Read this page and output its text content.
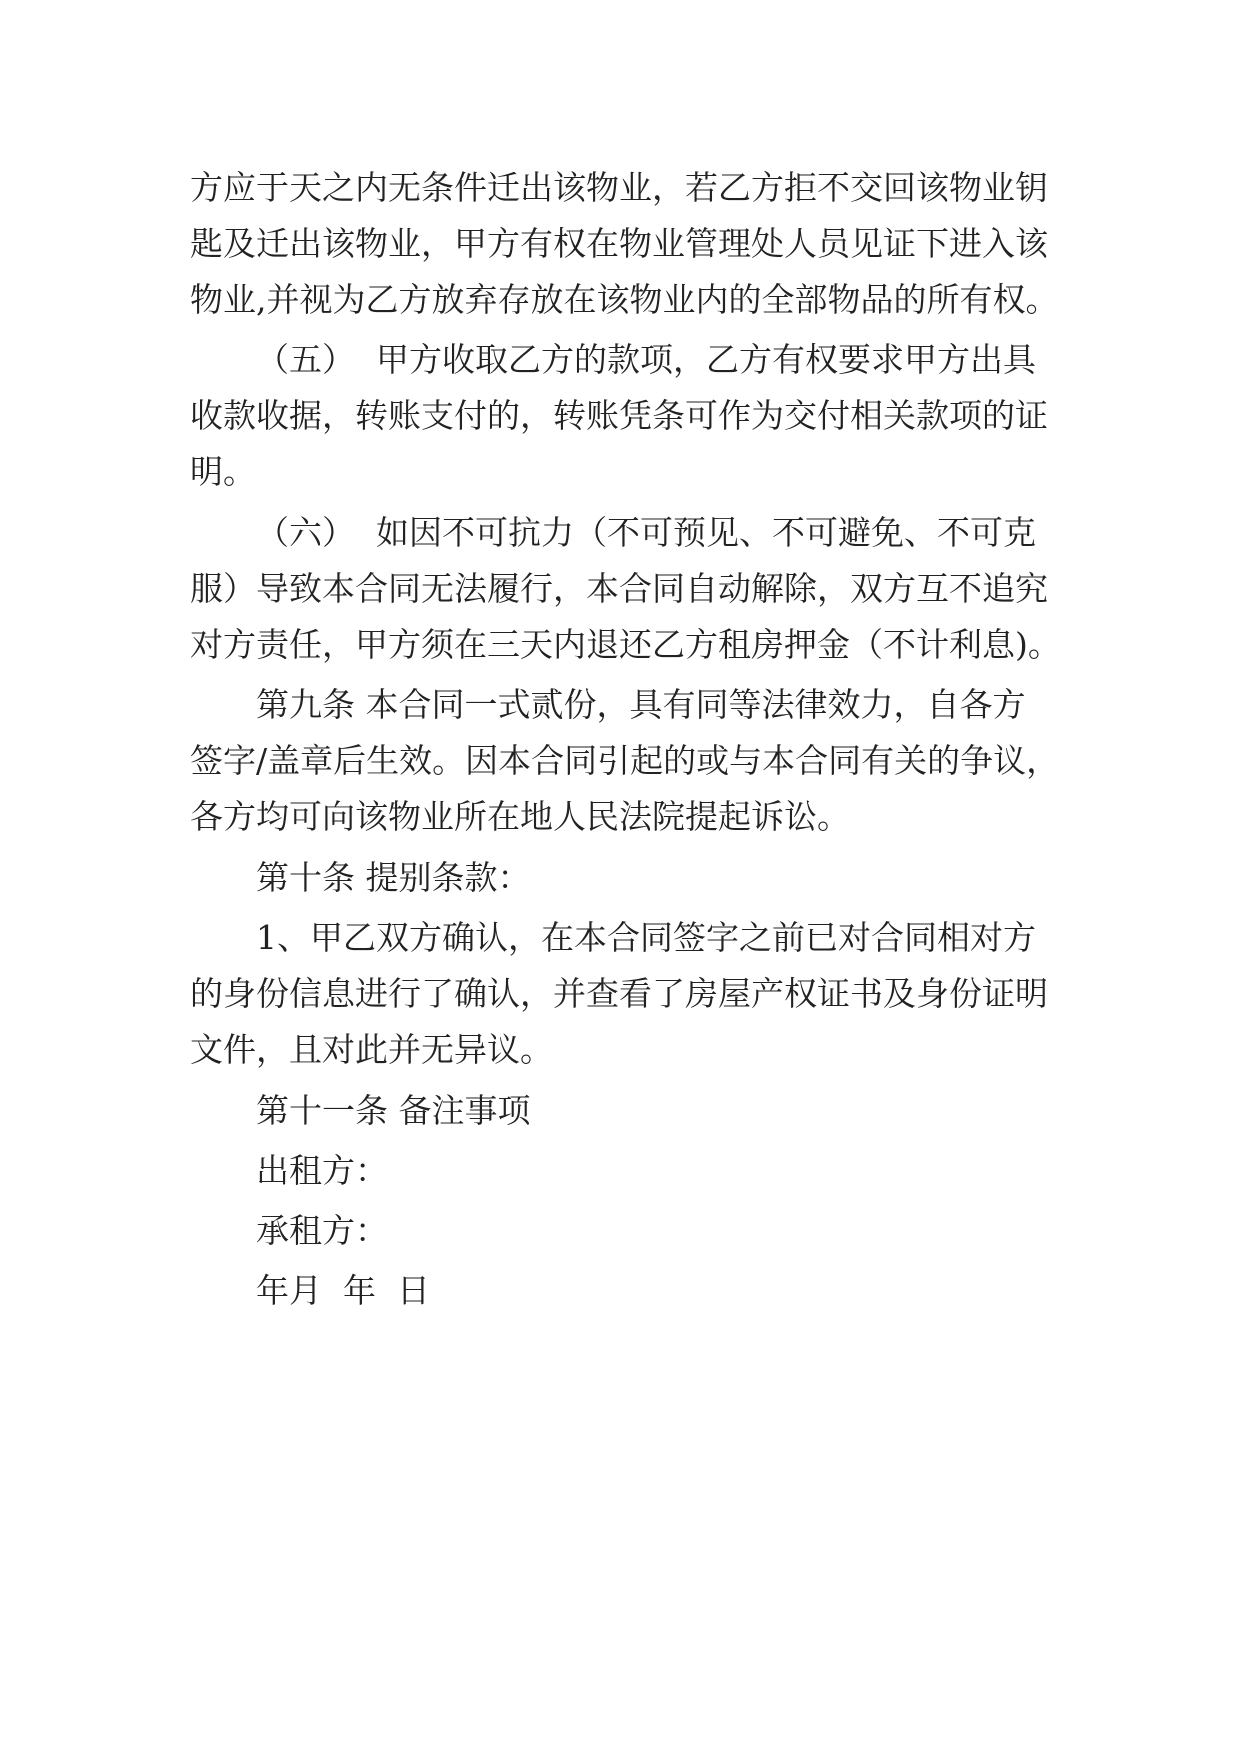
方应于天之内无条件迁出该物业，若乙方拒不交回该物业钥
匙及迁出该物业，甲方有权在物业管理处人员见证下进入该
物业,并视为乙方放弃存放在该物业内的全部物品的所有权。
（五）  甲方收取乙方的款项，乙方有权要求甲方出具
收款收据，转账支付的，转账凭条可作为交付相关款项的证
明。
（六）  如因不可抗力（不可预见、不可避免、不可克
服）导致本合同无法履行，本合同自动解除，双方互不追究
对方责任，甲方须在三天内退还乙方租房押金（不计利息)。
第九条 本合同一式贰份，具有同等法律效力，自各方
签字/盖章后生效。因本合同引起的或与本合同有关的争议，
各方均可向该物业所在地人民法院提起诉讼。
第十条 提别条款：
1、甲乙双方确认，在本合同签字之前已对合同相对方
的身份信息进行了确认，并查看了房屋产权证书及身份证明
文件，且对此并无异议。
第十一条 备注事项
出租方：
承租方：
年月  年  日
